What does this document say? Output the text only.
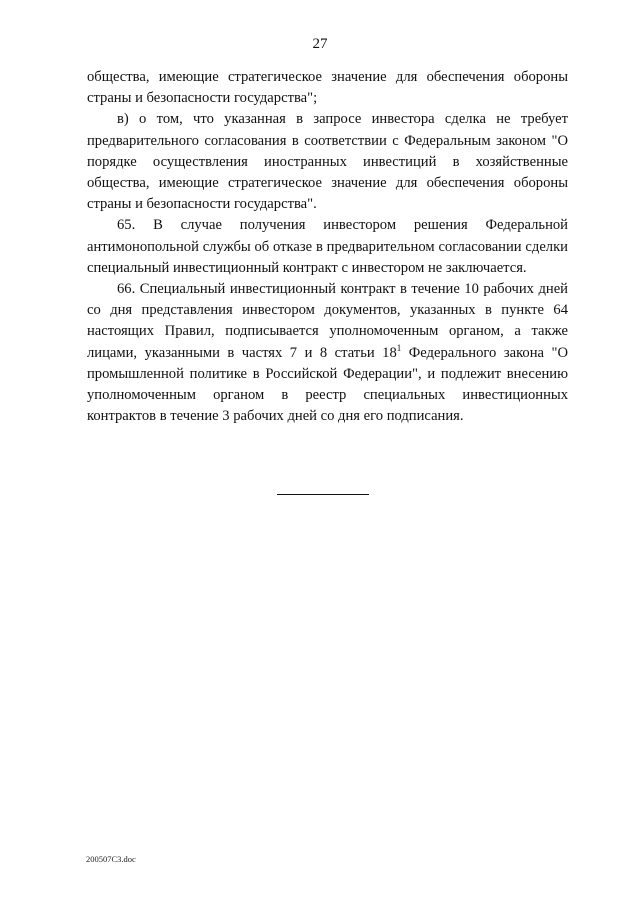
27

общества, имеющие стратегическое значение для обеспечения обороны страны и безопасности государства";

в) о том, что указанная в запросе инвестора сделка не требует предварительного согласования в соответствии с Федеральным законом "О порядке осуществления иностранных инвестиций в хозяйственные общества, имеющие стратегическое значение для обеспечения обороны страны и безопасности государства".

65. В случае получения инвестором решения Федеральной антимонопольной службы об отказе в предварительном согласовании сделки специальный инвестиционный контракт с инвестором не заключается.

66. Специальный инвестиционный контракт в течение 10 рабочих дней со дня представления инвестором документов, указанных в пункте 64 настоящих Правил, подписывается уполномоченным органом, а также лицами, указанными в частях 7 и 8 статьи $18^1$ Федерального закона "О промышленной политике в Российской Федерации", и подлежит внесению уполномоченным органом в реестр специальных инвестиционных контрактов в течение 3 рабочих дней со дня его подписания.

200507С3.doc
